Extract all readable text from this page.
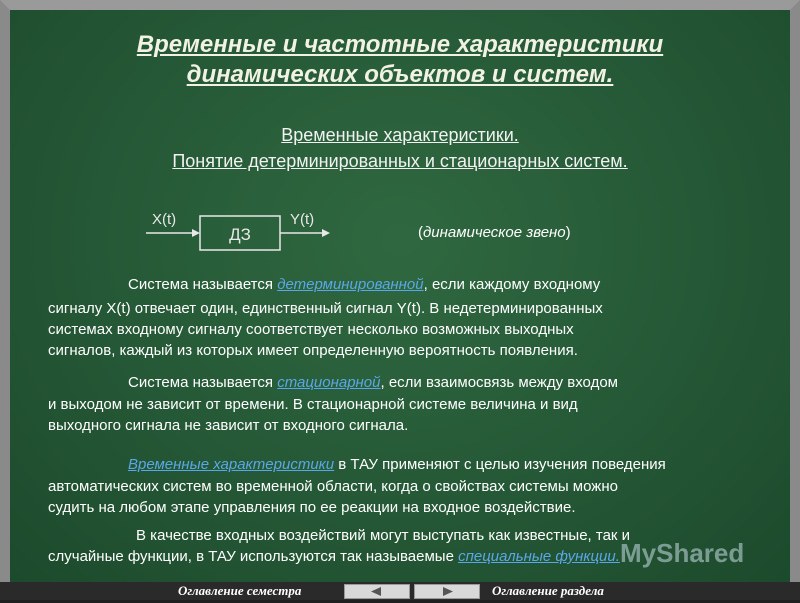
Временные и частотные характеристики
динамических объектов и систем.
Временные характеристики.
Понятие детерминированных и стационарных систем.
X(t)
ДЗ
Y(t)
(динамическое звено)
Система называется детерминированной, если каждому входному
сигналу X(t) отвечает один, единственный сигнал Y(t). В недетерминированных
системах входному сигналу соответствует несколько возможных выходных
сигналов, каждый из которых имеет определенную вероятность появления.
Система называется стационарной, если взаимосвязь между входом
и выходом не зависит от времени. В стационарной системе величина и вид
выходного сигнала не зависит от входного сигнала.
Временные характеристики в ТАУ применяют с целью изучения поведения
автоматических систем во временной области, когда о свойствах системы можно
судить на любом этапе управления по ее реакции на входное воздействие.
В качестве входных воздействий могут выступать как известные, так и
случайные функции, в ТАУ используются так называемые специальные функции. MyShared
Оглавление семестра	Оглавление раздела
